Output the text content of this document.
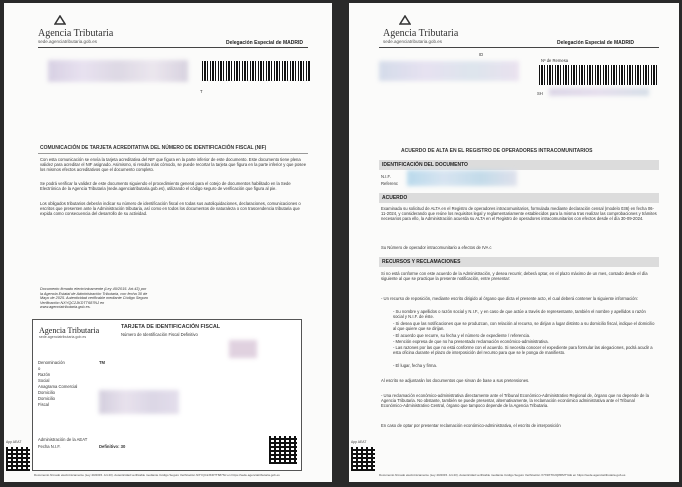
Agencia Tributaria
sede.agenciatributaria.gob.es	Delegación Especial de MADRID
T
COMUNICACIÓN DE TARJETA ACREDITATIVA DEL NÚMERO DE IDENTIFICACIÓN FISCAL (NIF)
Con esta comunicación se envía la tarjeta acreditativa del NIF que figura en la parte inferior de este documento. Este documento tiene plena validez para acreditar el NIF asignado. Asimismo, si resulta más cómodo, se puede recortar la tarjeta que figura en la parte inferior y que posee los mismos efectos acreditativos que el documento completo.
Se podrá verificar la validez de este documento siguiendo el procedimiento general para el cotejo de documentos habilitado en la Sede Electrónica de la Agencia Tributaria (sede.agenciatributaria.gob.es), utilizando el código seguro de verificación que figura al pie.
Los obligados tributarios deberán indicar su número de identificación fiscal en todas sus autoliquidaciones, declaraciones, comunicaciones o escritos que presenten ante la Administración tributaria, así como en todos los documentos de naturaleza o con trascendencia tributaria que expida como consecuencia del desarrollo de su actividad.
Documento firmado electrónicamente (Ley 40/2015. Art.43) por la Agencia Estatal de Administración Tributaria, con fecha 30 de Mayo de 2025. Autenticidad verificable mediante Código Seguro Verificación NXYQC2JKDTT687NJ en www.agenciatributaria.gob.es.
Agencia Tributaria
sede.agenciatributaria.gob.es
TARJETA DE IDENTIFICACIÓN FISCAL
Número de Identificación Fiscal Definitivo
Denominación	TM
o
Razón
Social
Anagrama Comercial
Domicilio
Domicilio
Fiscal
Administración de la AEAT
Fecha N.I.F.	Definitivo: 30
App AEAT
Documento firmado electrónicamente (Ley 40/2015. Art.43). Autenticidad verificable mediante Código Seguro Verificación NXYQC2JKDTT687NJ en https://sede.agenciatributaria.gob.es
Agencia Tributaria
sede.agenciatributaria.gob.es	Delegación Especial de MADRID
ID
Nº de Remesa
SH
ACUERDO DE ALTA EN EL REGISTRO DE OPERADORES INTRACOMUNITARIOS
IDENTIFICACIÓN DEL DOCUMENTO
N.I.F.
Referenc
ACUERDO
Examinada su solicitud de ALTA en el Registro de operadores intracomunitarios, formulada mediante declaración censal (modelo 036) en fecha 06-11-2024, y considerando que reúne los requisitos legal y reglamentariamente establecidos para la misma tras realizar las comprobaciones y trámites necesarios para ello, la Administración acuerda su ALTA en el Registro de operadores intracomunitarios con efectos desde el día 30-09-2024.
Su Número de operador intracomunitario a efectos de IVA c
RECURSOS Y RECLAMACIONES
Si no está conforme con este acuerdo de la Administración, y desea recurrir, deberá optar, en el plazo máximo de un mes, contado desde el día siguiente al que se practique la presente notificación, entre presentar:
- Un recurso de reposición, mediante escrito dirigido al órgano que dicta el presente acto, el cual deberá contener la siguiente información:
- Su nombre y apellidos o razón social y N.I.F., y en caso de que actúe a través de representante, también el nombre y apellidos o razón social y N.I.F. de éste.
- Si desea que las notificaciones que se produzcan, con relación al recurso, se dirijan a lugar distinto a su domicilio fiscal, indique el domicilio al que quiere que se dirijan.
- El acuerdo que recurre, su fecha y el número de expediente / referencia.
- Mención expresa de que no ha presentado reclamación económico-administrativa.
- Las razones por las que no está conforme con el acuerdo. Si necesita conocer el expediente para formular las alegaciones, podrá acudir a esta oficina durante el plazo de interposición del recurso para que se le ponga de manifiesto.
- El lugar, fecha y firma.
Al escrito se adjuntarán los documentos que sirvan de base a sus pretensiones.
- Una reclamación económico-administrativa directamente ante el Tribunal Económico-Administrativo Regional de, órgano que no depende de la Agencia Tributaria. No obstante, también se puede presentar, alternativamente, la reclamación económico administrativa ante el Tribunal Económico-Administrativo Central, órgano que tampoco depende de la Agencia Tributaria.
En caso de optar por presentar reclamación económico-administrativa, el escrito de interposición
App AEAT
Documento firmado electrónicamente (Ley 40/2015. Art.43). Autenticidad verificable mediante Código Seguro Verificación X7X9XTK2Q8RM7YAE en https://sede.agenciatributaria.gob.es
